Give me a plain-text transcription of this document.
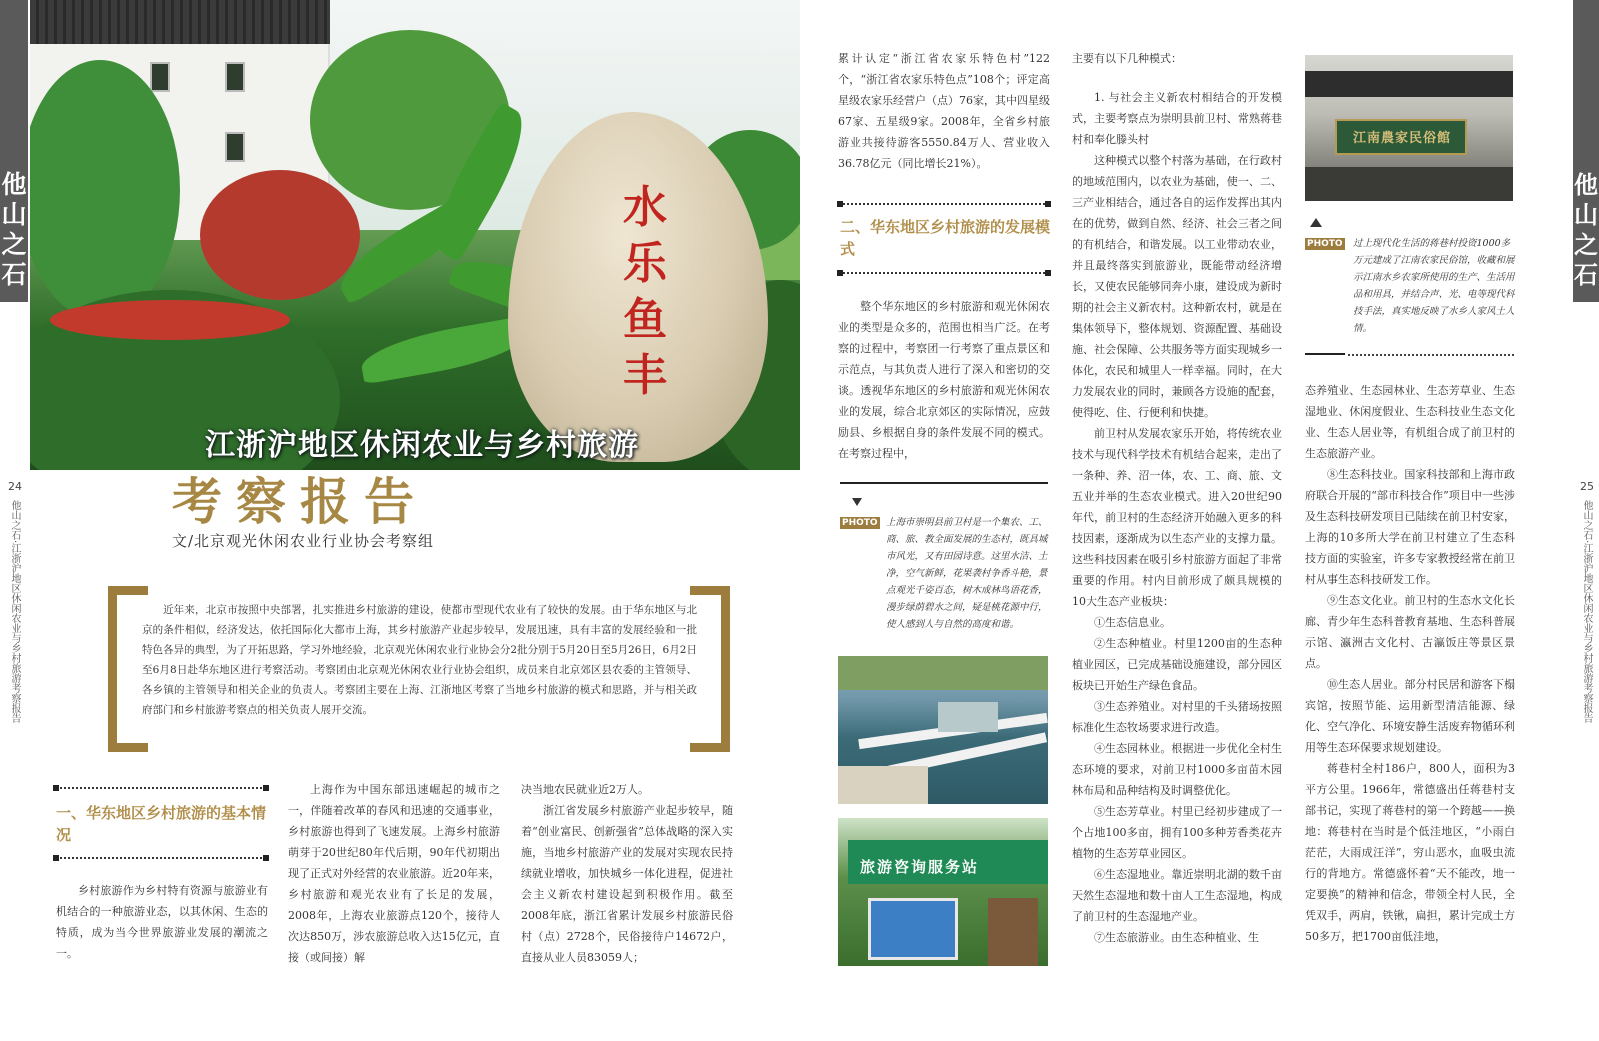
他山之石
水乐鱼丰
江浙沪地区休闲农业与乡村旅游
24
他山之石·江浙沪地区休闲农业与乡村旅游考察报告	考察报告
文/北京观光休闲农业行业协会考察组
近年来，北京市按照中央部署，扎实推进乡村旅游的建设，使都市型现代农业有了较快的发展。由于华东地区与北京的条件相似，经济发达，依托国际化大都市上海，其乡村旅游产业起步较早，发展迅速，具有丰富的发展经验和一批特色各异的典型，为了开拓思路，学习外地经验，北京观光休闲农业行业协会分2批分别于5月20日至5月26日，6月2日至6月8日赴华东地区进行考察活动。考察团由北京观光休闲农业行业协会组织，成员来自北京郊区县农委的主管领导、各乡镇的主管领导和相关企业的负责人。考察团主要在上海、江浙地区考察了当地乡村旅游的模式和思路，并与相关政府部门和乡村旅游考察点的相关负责人展开交流。
一、华东地区乡村旅游的基本情况

乡村旅游作为乡村特有资源与旅游业有机结合的一种旅游业态，以其休闲、生态的特质，成为当今世界旅游业发展的潮流之一。

上海作为中国东部迅速崛起的城市之一，伴随着改革的春风和迅速的交通事业，乡村旅游也得到了飞速发展。上海乡村旅游萌芽于20世纪80年代后期，90年代初期出现了正式对外经营的农业旅游。近20年来，乡村旅游和观光农业有了长足的发展，2008年，上海农业旅游点120个，接待人次达850万，涉农旅游总收入达15亿元，直接（或间接）解

决当地农民就业近2万人。

浙江省发展乡村旅游产业起步较早，随着“创业富民、创新强省”总体战略的深入实施，当地乡村旅游产业的发展对实现农民持续就业增收，加快城乡一体化进程，促进社会主义新农村建设起到积极作用。截至2008年底，浙江省累计发展乡村旅游民俗村（点）2728个，民俗接待户14672户，直接从业人员83059人；

他山之石
25
他山之石·江浙沪地区休闲农业与乡村旅游考察报告

累计认定“浙江省农家乐特色村”122个，“浙江省农家乐特色点”108个；评定高星级农家乐经营户（点）76家，其中四星级67家、五星级9家。2008年，全省乡村旅游业共接待游客5550.84万人、营业收入36.78亿元（同比增长21%）。

二、华东地区乡村旅游的发展模式

整个华东地区的乡村旅游和观光休闲农业的类型是众多的，范围也相当广泛。在考察的过程中，考察团一行考察了重点景区和示范点，与其负责人进行了深入和密切的交谈。透视华东地区的乡村旅游和观光休闲农业的发展，综合北京郊区的实际情况，应鼓励县、乡根据自身的条件发展不同的模式。在考察过程中，

PHOTO 上海市崇明县前卫村是一个集农、工、商、旅、教全面发展的生态村，既具城市风光，又有田园诗意。这里水洁、土净，空气新鲜，花果袭村争香斗艳，景点观光千姿百态，树木成林鸟语花香，漫步绿荫碧水之间，疑是桃花源中行，使人感到人与自然的高度和谐。
旅游咨询服务站

主要有以下几种模式：

1. 与社会主义新农村相结合的开发模式，主要考察点为崇明县前卫村、常熟蒋巷村和奉化滕头村

这种模式以整个村落为基础，在行政村的地域范围内，以农业为基础，使一、二、三产业相结合，通过各自的运作发挥出其内在的优势，做到自然、经济、社会三者之间的有机结合，和谐发展。以工业带动农业，并且最终落实到旅游业，既能带动经济增长，又使农民能够同奔小康，建设成为新时期的社会主义新农村。这种新农村，就是在集体领导下，整体规划、资源配置、基础设施、社会保障、公共服务等方面实现城乡一体化，农民和城里人一样幸福。同时，在大力发展农业的同时，兼顾各方设施的配套，使得吃、住、行便利和快捷。

前卫村从发展农家乐开始，将传统农业技术与现代科学技术有机结合起来，走出了一条种、养、沼一体，农、工、商、旅、文五业并举的生态农业模式。进入20世纪90年代，前卫村的生态经济开始融入更多的科技因素，逐渐成为以生态产业的支撑力量。这些科技因素在吸引乡村旅游方面起了非常重要的作用。村内目前形成了颇具规模的10大生态产业板块：

①生态信息业。

②生态种植业。村里1200亩的生态种植业园区，已完成基础设施建设，部分园区板块已开始生产绿色食品。

③生态养殖业。对村里的千头猪场按照标准化生态牧场要求进行改造。

④生态园林业。根据进一步优化全村生态环境的要求，对前卫村1000多亩苗木园林布局和品种结构及时调整优化。

⑤生态芳草业。村里已经初步建成了一个占地100多亩，拥有100多种芳香类花卉植物的生态芳草业园区。

⑥生态湿地业。靠近崇明北湖的数千亩天然生态湿地和数十亩人工生态湿地，构成了前卫村的生态湿地产业。

⑦生态旅游业。由生态种植业、生

江南農家民俗館
PHOTO 过上现代化生活的蒋巷村投资1000多万元建成了江南农家民俗馆，收藏和展示江南水乡农家所使用的生产、生活用品和用具，并结合声、光、电等现代科技手法，真实地反映了水乡人家风土人情。

态养殖业、生态园林业、生态芳草业、生态湿地业、休闲度假业、生态科技业生态文化业、生态人居业等，有机组合成了前卫村的生态旅游产业。

⑧生态科技业。国家科技部和上海市政府联合开展的“部市科技合作”项目中一些涉及生态科技研发项目已陆续在前卫村安家，上海的10多所大学在前卫村建立了生态科技方面的实验室，许多专家教授经常在前卫村从事生态科技研发工作。

⑨生态文化业。前卫村的生态水文化长廊、青少年生态科普教育基地、生态科普展示馆、瀛洲古文化村、古瀛饭庄等景区景点。

⑩生态人居业。部分村民居和游客下榻宾馆，按照节能、运用新型清洁能源、绿化、空气净化、环境安静生活废弃物循环利用等生态环保要求规划建设。

蒋巷村全村186户，800人，面积为3平方公里。1966年，常德盛出任蒋巷村支部书记，实现了蒋巷村的第一个跨越——换地：蒋巷村在当时是个低洼地区，“小雨白茫茫，大雨成汪洋”，穷山恶水，血吸虫流行的背地方。常德盛怀着“天不能改，地一定要换”的精神和信念，带领全村人民，全凭双手，两肩，铁锹，扁担，累计完成土方50多万，把1700亩低洼地，
